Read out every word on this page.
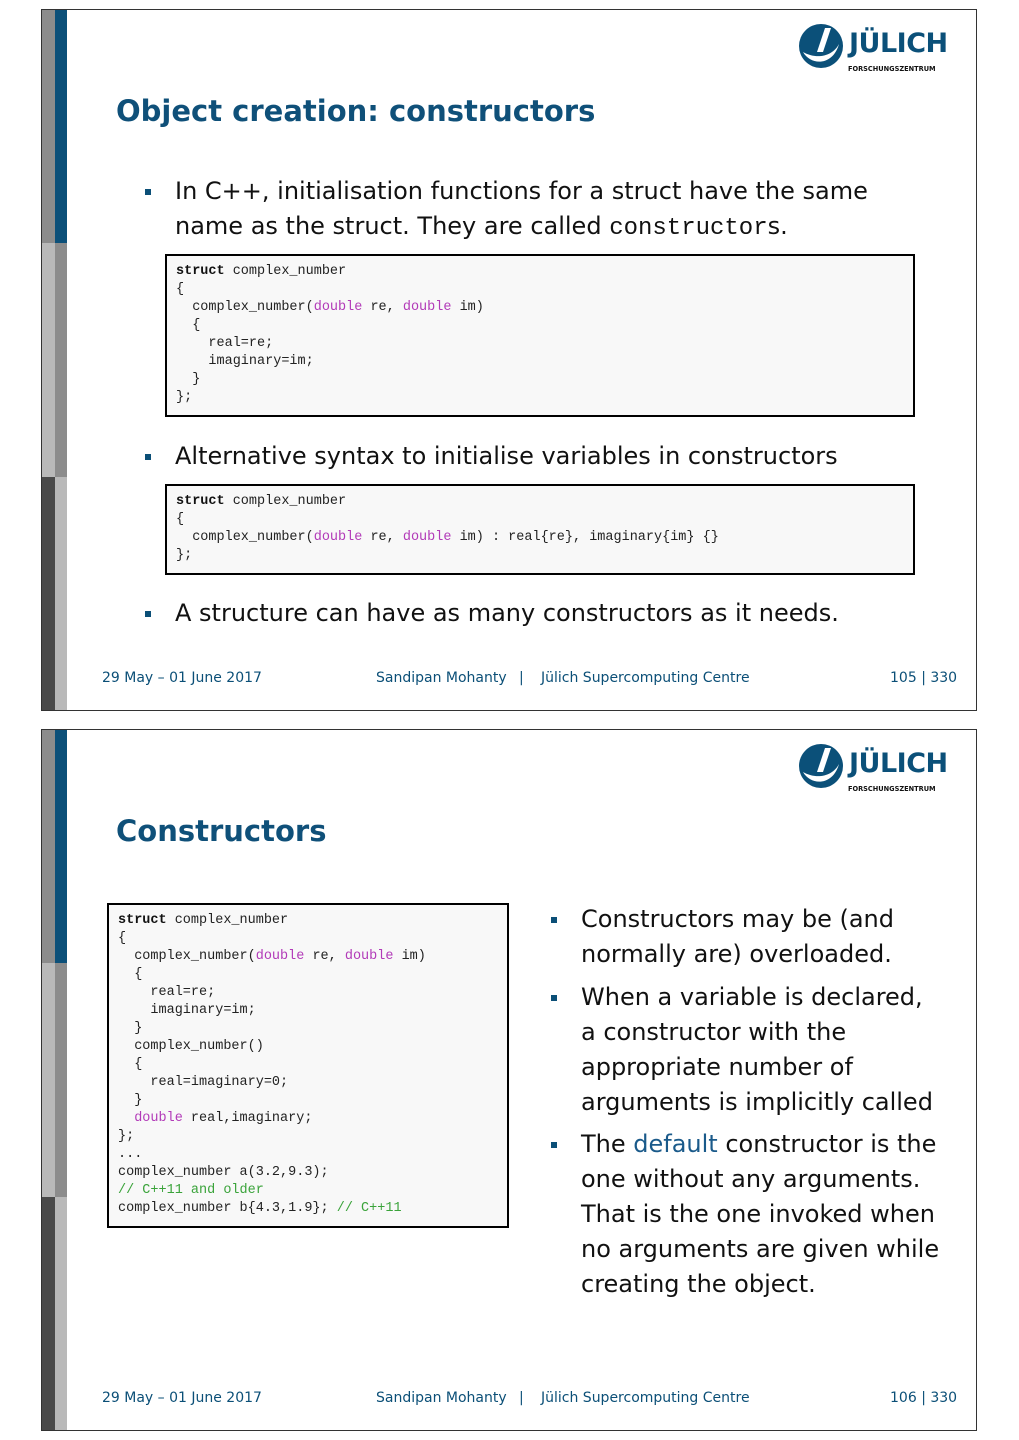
JÜLICH
FORSCHUNGSZENTRUM
Object creation: constructors
In C++, initialisation functions for a struct have the same
name as the struct. They are called constructors.
struct complex_number
{
complex_number(double re, double im)
{
real=re;
imaginary=im;
}
};
Alternative syntax to initialise variables in constructors
struct complex_number
{
complex_number(double re, double im) : real{re}, imaginary{im} {}
};
A structure can have as many constructors as it needs.
29 May – 01 June 2017	Sandipan Mohanty | Jülich Supercomputing Centre	105 | 330
JÜLICH
FORSCHUNGSZENTRUM
Constructors
struct complex_number
{
complex_number(double re, double im)
{
real=re;
imaginary=im;
}
complex_number()
{
real=imaginary=0;
}
double real,imaginary;
};
...
complex_number a(3.2,9.3);
// C++11 and older
complex_number b{4.3,1.9}; // C++11
Constructors may be (and
normally are) overloaded.
When a variable is declared,
a constructor with the
appropriate number of
arguments is implicitly called
The default constructor is the
one without any arguments.
That is the one invoked when
no arguments are given while
creating the object.
29 May – 01 June 2017	Sandipan Mohanty | Jülich Supercomputing Centre	106 | 330
